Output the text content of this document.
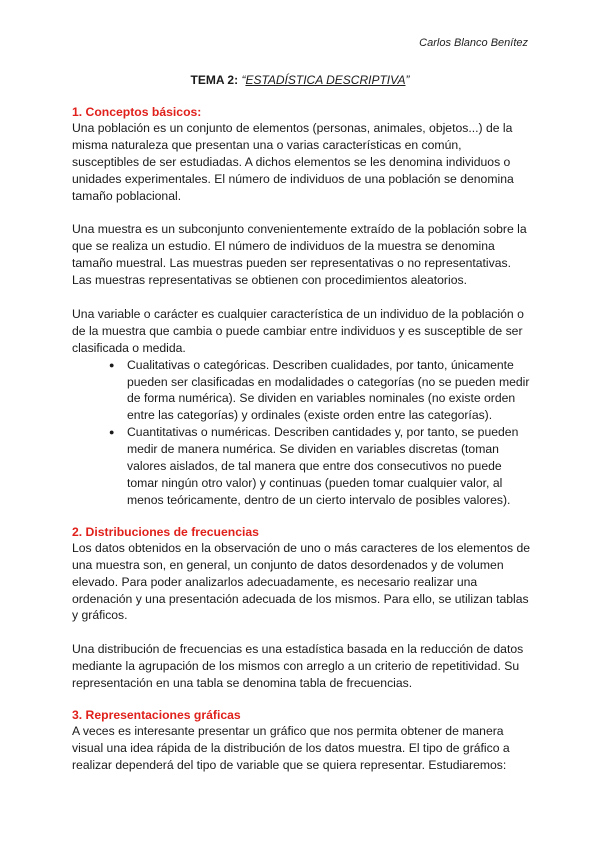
Carlos Blanco Benítez
TEMA 2: “ESTADÍSTICA DESCRIPTIVA”
1. Conceptos básicos:

Una población es un conjunto de elementos (personas, animales, objetos...) de la misma naturaleza que presentan una o varias características en común, susceptibles de ser estudiadas. A dichos elementos se les denomina individuos o unidades experimentales. El número de individuos de una población se denomina tamaño poblacional.

Una muestra es un subconjunto convenientemente extraído de la población sobre la que se realiza un estudio. El número de individuos de la muestra se denomina tamaño muestral. Las muestras pueden ser representativas o no representativas. Las muestras representativas se obtienen con procedimientos aleatorios.

Una variable o carácter es cualquier característica de un individuo de la población o de la muestra que cambia o puede cambiar entre individuos y es susceptible de ser clasificada o medida.

● Cualitativas o categóricas. Describen cualidades, por tanto, únicamente pueden ser clasificadas en modalidades o categorías (no se pueden medir de forma numérica). Se dividen en variables nominales (no existe orden entre las categorías) y ordinales (existe orden entre las categorías).
● Cuantitativas o numéricas. Describen cantidades y, por tanto, se pueden medir de manera numérica. Se dividen en variables discretas (toman valores aislados, de tal manera que entre dos consecutivos no puede tomar ningún otro valor) y continuas (pueden tomar cualquier valor, al menos teóricamente, dentro de un cierto intervalo de posibles valores).
2. Distribuciones de frecuencias

Los datos obtenidos en la observación de uno o más caracteres de los elementos de una muestra son, en general, un conjunto de datos desordenados y de volumen elevado. Para poder analizarlos adecuadamente, es necesario realizar una ordenación y una presentación adecuada de los mismos. Para ello, se utilizan tablas y gráficos.

Una distribución de frecuencias es una estadística basada en la reducción de datos mediante la agrupación de los mismos con arreglo a un criterio de repetitividad. Su representación en una tabla se denomina tabla de frecuencias.

3. Representaciones gráficas

A veces es interesante presentar un gráfico que nos permita obtener de manera visual una idea rápida de la distribución de los datos muestra. El tipo de gráfico a realizar dependerá del tipo de variable que se quiera representar. Estudiaremos:
